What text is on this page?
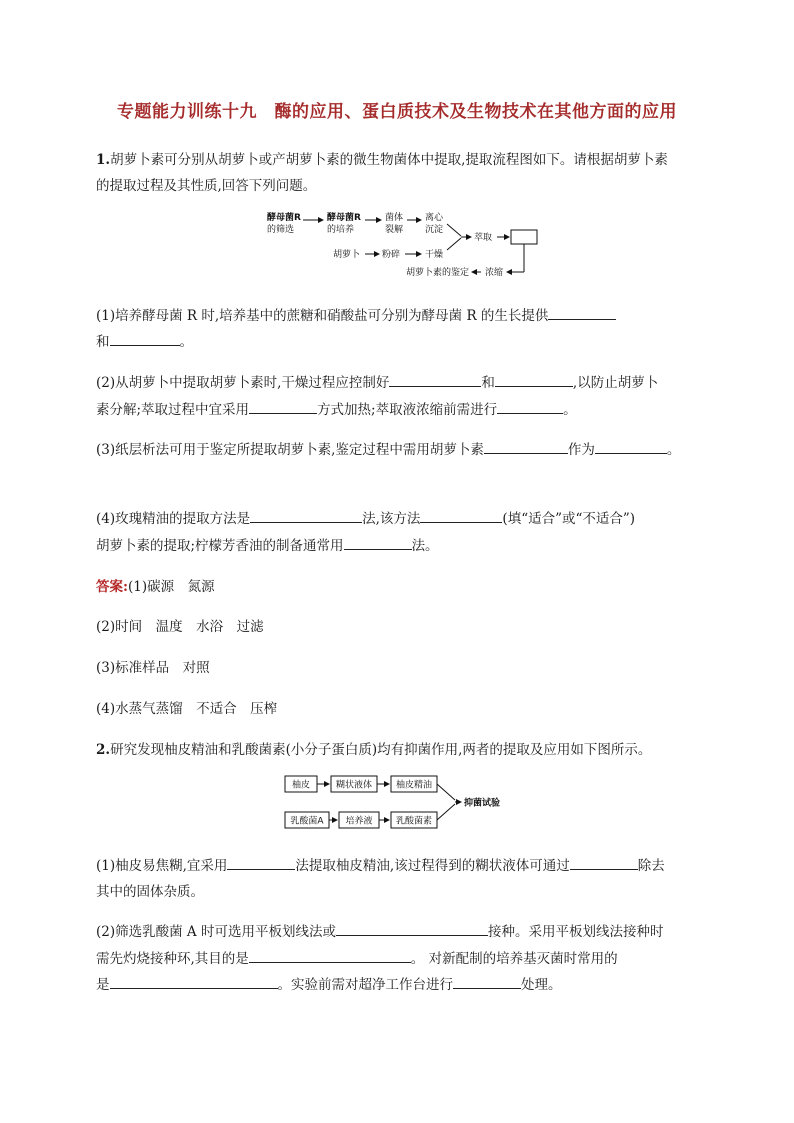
专题能力训练十九　酶的应用、蛋白质技术及生物技术在其他方面的应用
1.胡萝卜素可分别从胡萝卜或产胡萝卜素的微生物菌体中提取,提取流程图如下。请根据胡萝卜素
的提取过程及其性质,回答下列问题。
酵母菌R
的筛选
酵母菌R
的培养
菌体
裂解
离心
沉淀
胡萝卜 粉碎	干燥
萃取
浓缩
胡萝卜素的鉴定
(1)培养酵母菌 R 时,培养基中的蔗糖和硝酸盐可分别为酵母菌 R 的生长提供
和	。
(2)从胡萝卜中提取胡萝卜素时,干燥过程应控制好	和	,以防止胡萝卜
素分解;萃取过程中宜采用	方式加热;萃取液浓缩前需进行	。
(3)纸层析法可用于鉴定所提取胡萝卜素,鉴定过程中需用胡萝卜素	作为	。
(4)玫瑰精油的提取方法是	法,该方法	(填“适合”或“不适合”)
胡萝卜素的提取;柠檬芳香油的制备通常用	法。
答案:(1)碳源　氮源
(2)时间　温度　水浴　过滤
(3)标准样品　对照
(4)水蒸气蒸馏　不适合　压榨
2.研究发现柚皮精油和乳酸菌素(小分子蛋白质)均有抑菌作用,两者的提取及应用如下图所示。
柚皮	糊状液体	柚皮精油
乳酸菌A 培养液	乳酸菌素
抑菌试验
(1)柚皮易焦糊,宜采用	法提取柚皮精油,该过程得到的糊状液体可通过	除去
其中的固体杂质。
(2)筛选乳酸菌 A 时可选用平板划线法或	接种。采用平板划线法接种时
需先灼烧接种环,其目的是	。 对新配制的培养基灭菌时常用的
是	。实验前需对超净工作台进行	处理。
